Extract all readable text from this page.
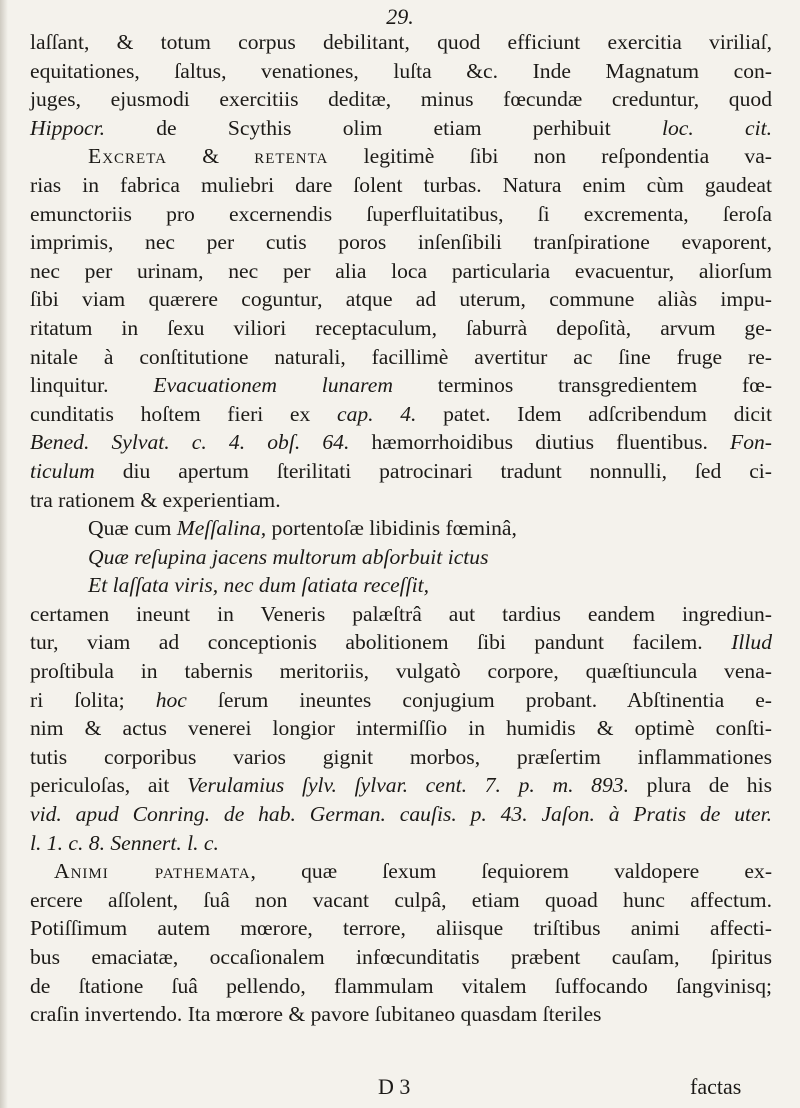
29.
laſſant, & totum corpus debilitant, quod efficiunt exercitia viriliaſ,
equitationes, ſaltus, venationes, luſta &c. Inde Magnatum con-
juges, ejusmodi exercitiis deditæ, minus fœcundæ creduntur, quod
Hippocr. de Scythis olim etiam perhibuit loc. cit.
Excreta & retenta legitimè ſibi non reſpondentia va-
rias in fabrica muliebri dare ſolent turbas. Natura enim cùm gaudeat
emunctoriis pro excernendis ſuperfluitatibus, ſi excrementa, ſeroſa
imprimis, nec per cutis poros inſenſibili tranſpiratione evaporent,
nec per urinam, nec per alia loca particularia evacuentur, aliorſum
ſibi viam quærere coguntur, atque ad uterum, commune aliàs impu-
ritatum in ſexu viliori receptaculum, ſaburrà depoſità, arvum ge-
nitale à conſtitutione naturali, facillimè avertitur ac ſine fruge re-
linquitur. Evacuationem lunarem terminos transgredientem fœ-
cunditatis hoſtem fieri ex cap. 4. patet. Idem adſcribendum dicit
Bened. Sylvat. c. 4. obſ. 64. hæmorrhoidibus diutius fluentibus. Fon-
ticulum diu apertum ſterilitati patrocinari tradunt nonnulli, ſed ci-
tra rationem & experientiam.
Quæ cum Meſſalina, portentoſæ libidinis fœminâ,
Quæ reſupina jacens multorum abſorbuit ictus
Et laſſata viris, nec dum ſatiata receſſit,
certamen ineunt in Veneris palæſtrâ aut tardius eandem ingrediun-
tur, viam ad conceptionis abolitionem ſibi pandunt facilem. Illud
proſtibula in tabernis meritoriis, vulgatò corpore, quæſtiuncula vena-
ri ſolita; hoc ſerum ineuntes conjugium probant. Abſtinentia e-
nim & actus venerei longior intermiſſio in humidis & optimè conſti-
tutis corporibus varios gignit morbos, præſertim inflammationes
periculoſas, ait Verulamius ſylv. ſylvar. cent. 7. p. m. 893. plura de his
vid. apud Conring. de hab. German. cauſis. p. 43. Jaſon. à Pratis de uter.
l. 1. c. 8. Sennert. l. c.
Animi pathemata, quæ ſexum ſequiorem valdopere ex-
ercere aſſolent, ſuâ non vacant culpâ, etiam quoad hunc affectum.
Potiſſimum autem mœrore, terrore, aliisque triſtibus animi affecti-
bus emaciatæ, occaſionalem infœcunditatis præbent cauſam, ſpiritus
de ſtatione ſuâ pellendo, flammulam vitalem ſuffocando ſangvinisq;
craſin invertendo. Ita mœrore & pavore ſubitaneo quasdam ſteriles
D 3	factas
